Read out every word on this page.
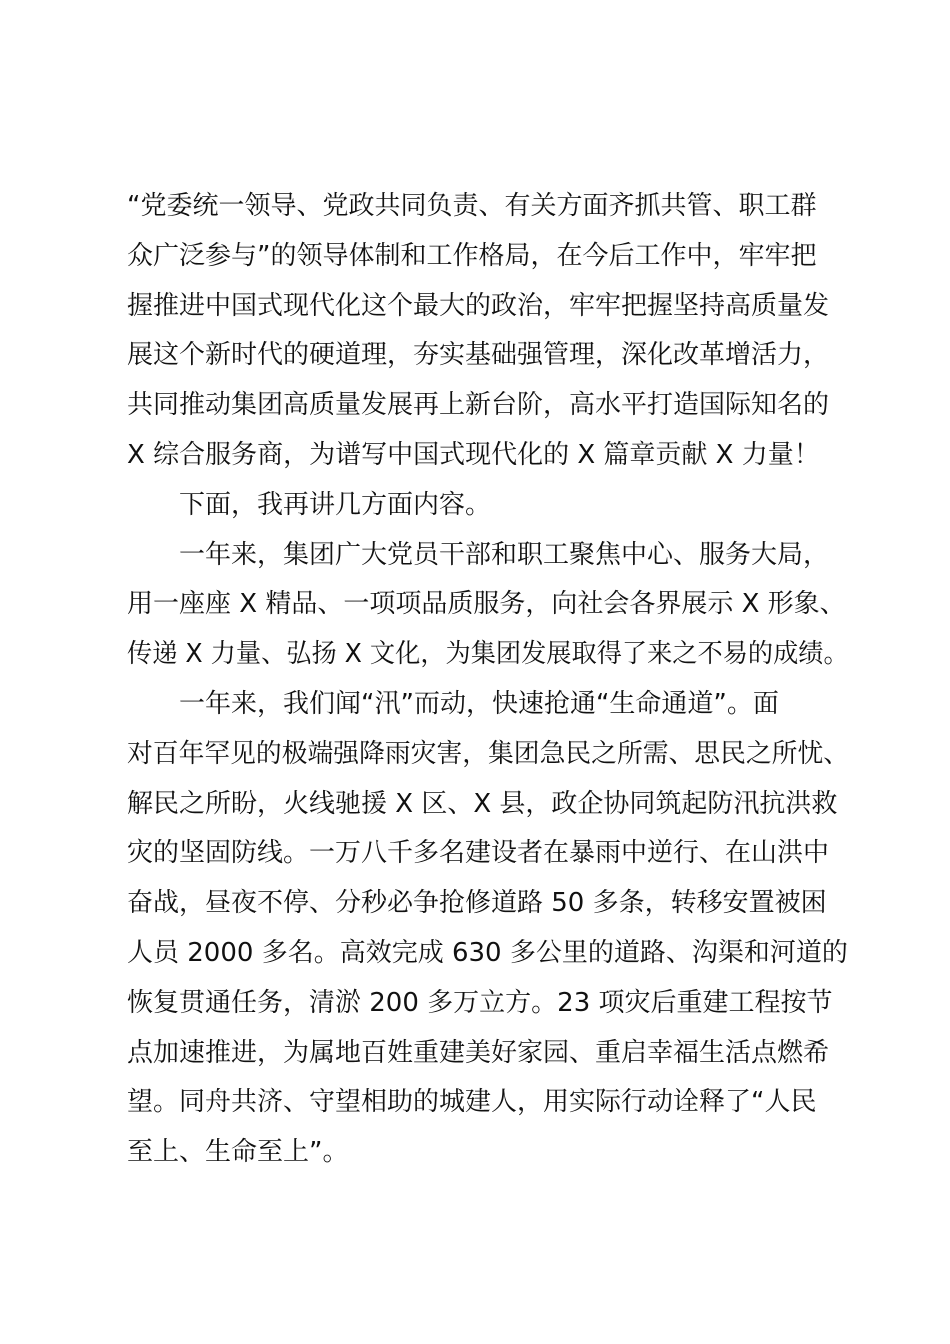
“党委统一领导、党政共同负责、有关方面齐抓共管、职工群
众广泛参与”的领导体制和工作格局，在今后工作中，牢牢把
握推进中国式现代化这个最大的政治，牢牢把握坚持高质量发
展这个新时代的硬道理，夯实基础强管理，深化改革增活力，
共同推动集团高质量发展再上新台阶，高水平打造国际知名的
X 综合服务商，为谱写中国式现代化的 X 篇章贡献 X 力量！
　　下面，我再讲几方面内容。
　　一年来，集团广大党员干部和职工聚焦中心、服务大局，
用一座座 X 精品、一项项品质服务，向社会各界展示 X 形象、
传递 X 力量、弘扬 X 文化，为集团发展取得了来之不易的成绩。
　　一年来，我们闻“汛”而动，快速抢通“生命通道”。面
对百年罕见的极端强降雨灾害，集团急民之所需、思民之所忧、
解民之所盼，火线驰援 X 区、X 县，政企协同筑起防汛抗洪救
灾的坚固防线。一万八千多名建设者在暴雨中逆行、在山洪中
奋战，昼夜不停、分秒必争抢修道路 50 多条，转移安置被困
人员 2000 多名。高效完成 630 多公里的道路、沟渠和河道的
恢复贯通任务，清淤 200 多万立方。23 项灾后重建工程按节
点加速推进，为属地百姓重建美好家园、重启幸福生活点燃希
望。同舟共济、守望相助的城建人，用实际行动诠释了“人民
至上、生命至上”。
